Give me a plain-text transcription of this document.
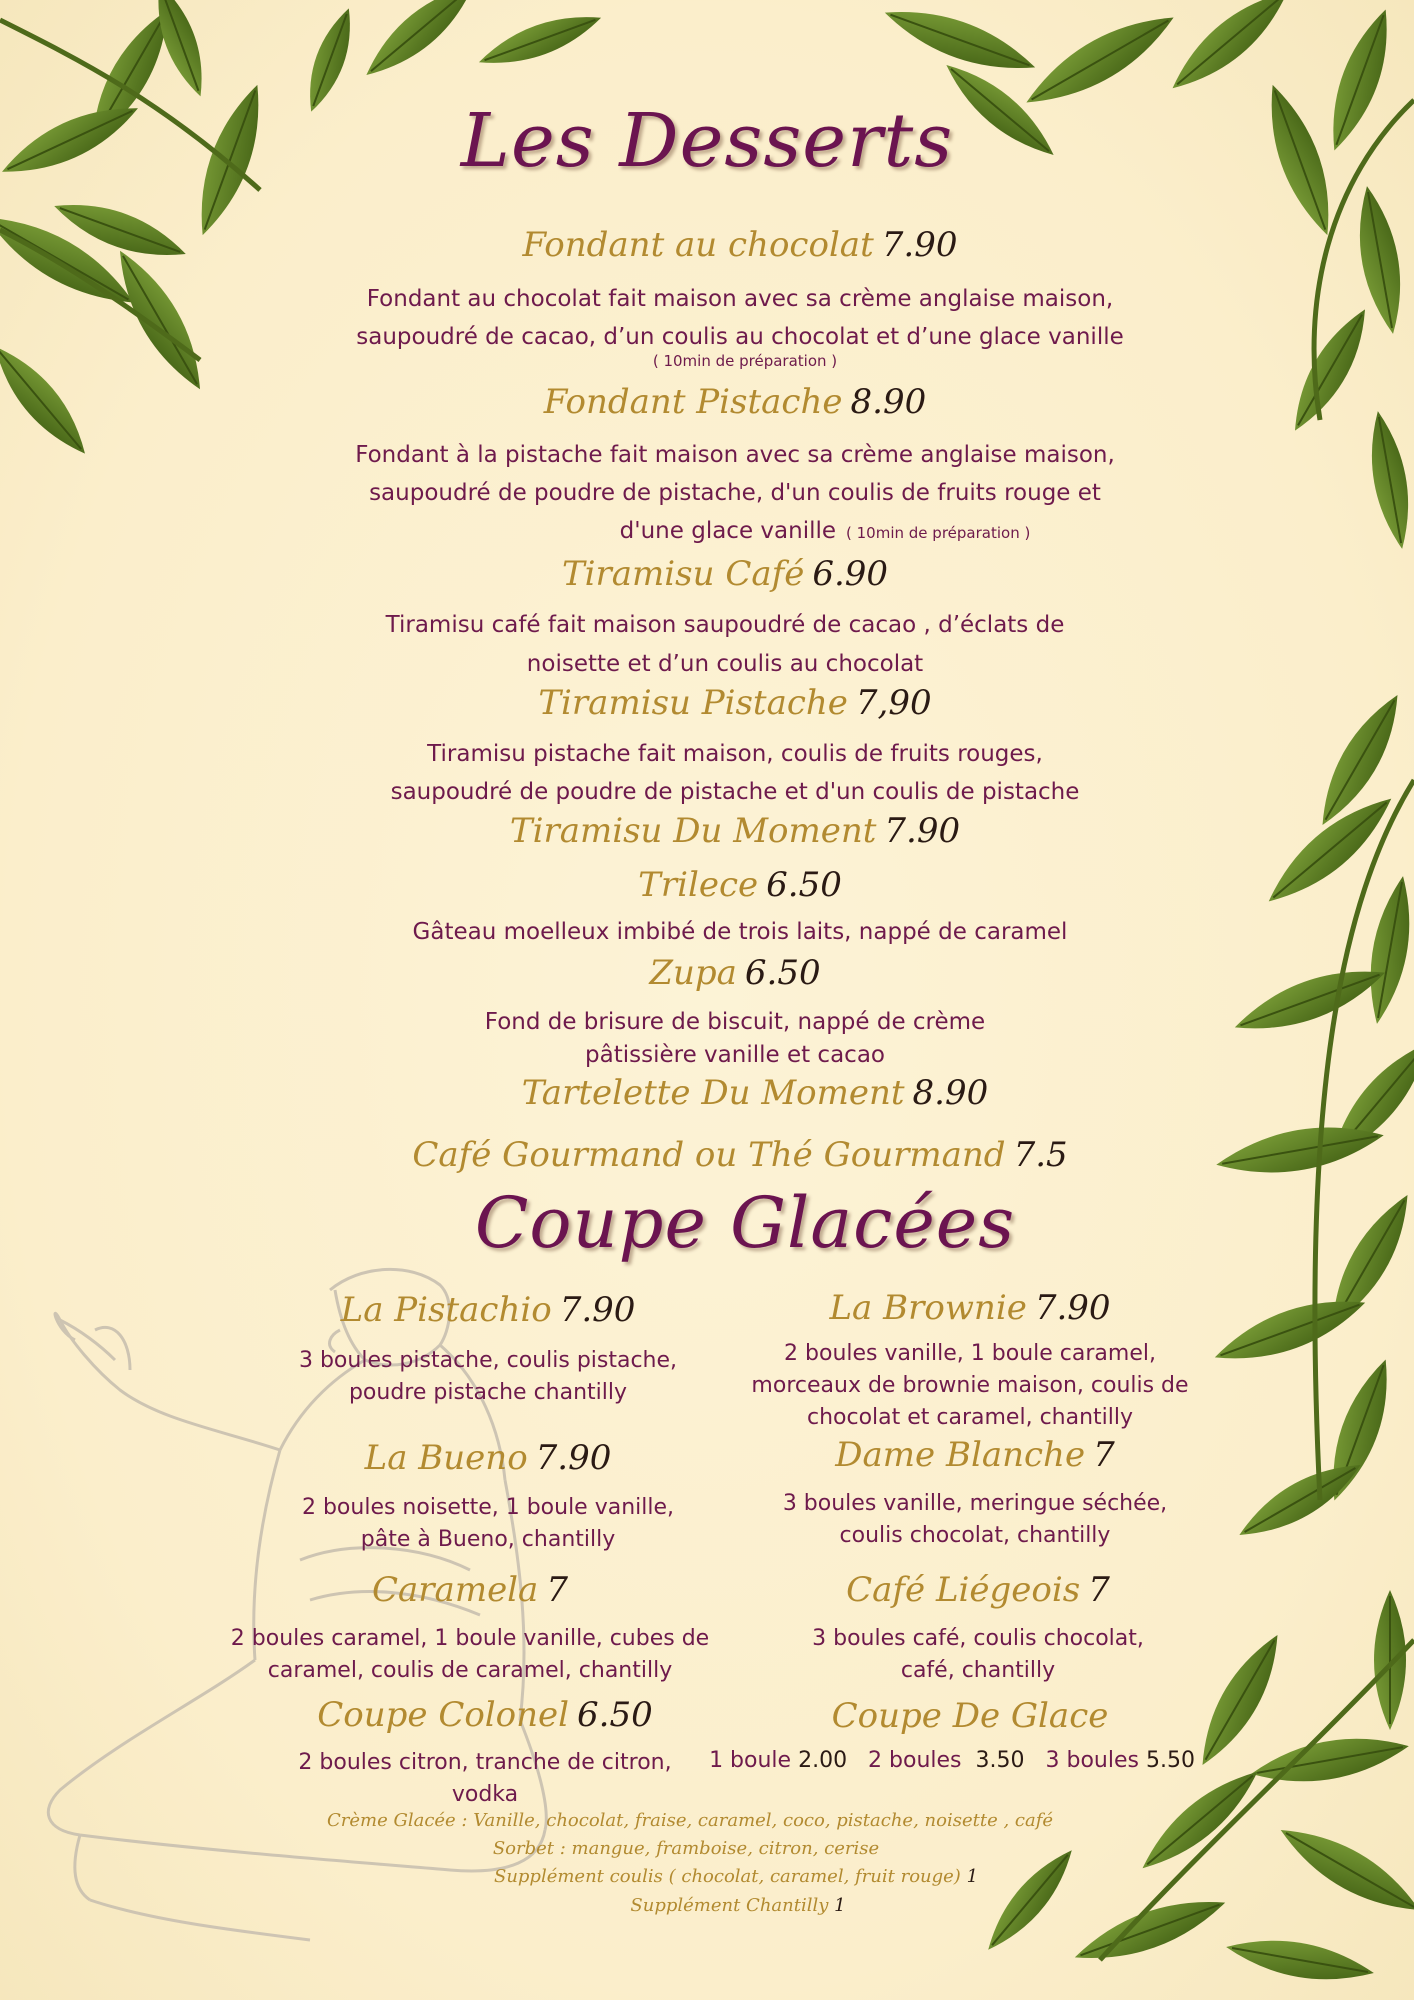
Les Desserts
Fondant au chocolat 7.90
Fondant au chocolat fait maison avec sa crème anglaise maison,
saupoudré de cacao, d’un coulis au chocolat et d’une glace vanille
( 10min de préparation )
Fondant Pistache 8.90
Fondant à la pistache fait maison avec sa crème anglaise maison,
saupoudré de poudre de pistache, d'un coulis de fruits rouge et
d'une glace vanille ( 10min de préparation )
Tiramisu Café 6.90
Tiramisu café fait maison saupoudré de cacao , d’éclats de
noisette et d’un coulis au chocolat
Tiramisu Pistache 7,90
Tiramisu pistache fait maison, coulis de fruits rouges,
saupoudré de poudre de pistache et d'un coulis de pistache
Tiramisu Du Moment 7.90
Trilece 6.50
Gâteau moelleux imbibé de trois laits, nappé de caramel
Zupa 6.50
Fond de brisure de biscuit, nappé de crème
pâtissière vanille et cacao
Tartelette Du Moment 8.90
Café Gourmand ou Thé Gourmand 7.5
Coupe Glacées
La Pistachio 7.90
3 boules pistache, coulis pistache,
poudre pistache chantilly
La Bueno 7.90
2 boules noisette, 1 boule vanille,
pâte à Bueno, chantilly
Caramela 7
2 boules caramel, 1 boule vanille, cubes de
caramel, coulis de caramel, chantilly
Coupe Colonel 6.50
2 boules citron, tranche de citron,
vodka
La Brownie 7.90
2 boules vanille, 1 boule caramel,
morceaux de brownie maison, coulis de
chocolat et caramel, chantilly
Dame Blanche 7
3 boules vanille, meringue séchée,
coulis chocolat, chantilly
Café Liégeois 7
3 boules café, coulis chocolat,
café, chantilly
Coupe De Glace
1 boule 2.00 2 boules 3.50 3 boules 5.50
Crème Glacée : Vanille, chocolat, fraise, caramel, coco, pistache, noisette , café
Sorbet : mangue, framboise, citron, cerise
Supplément coulis ( chocolat, caramel, fruit rouge) 1
Supplément Chantilly 1
